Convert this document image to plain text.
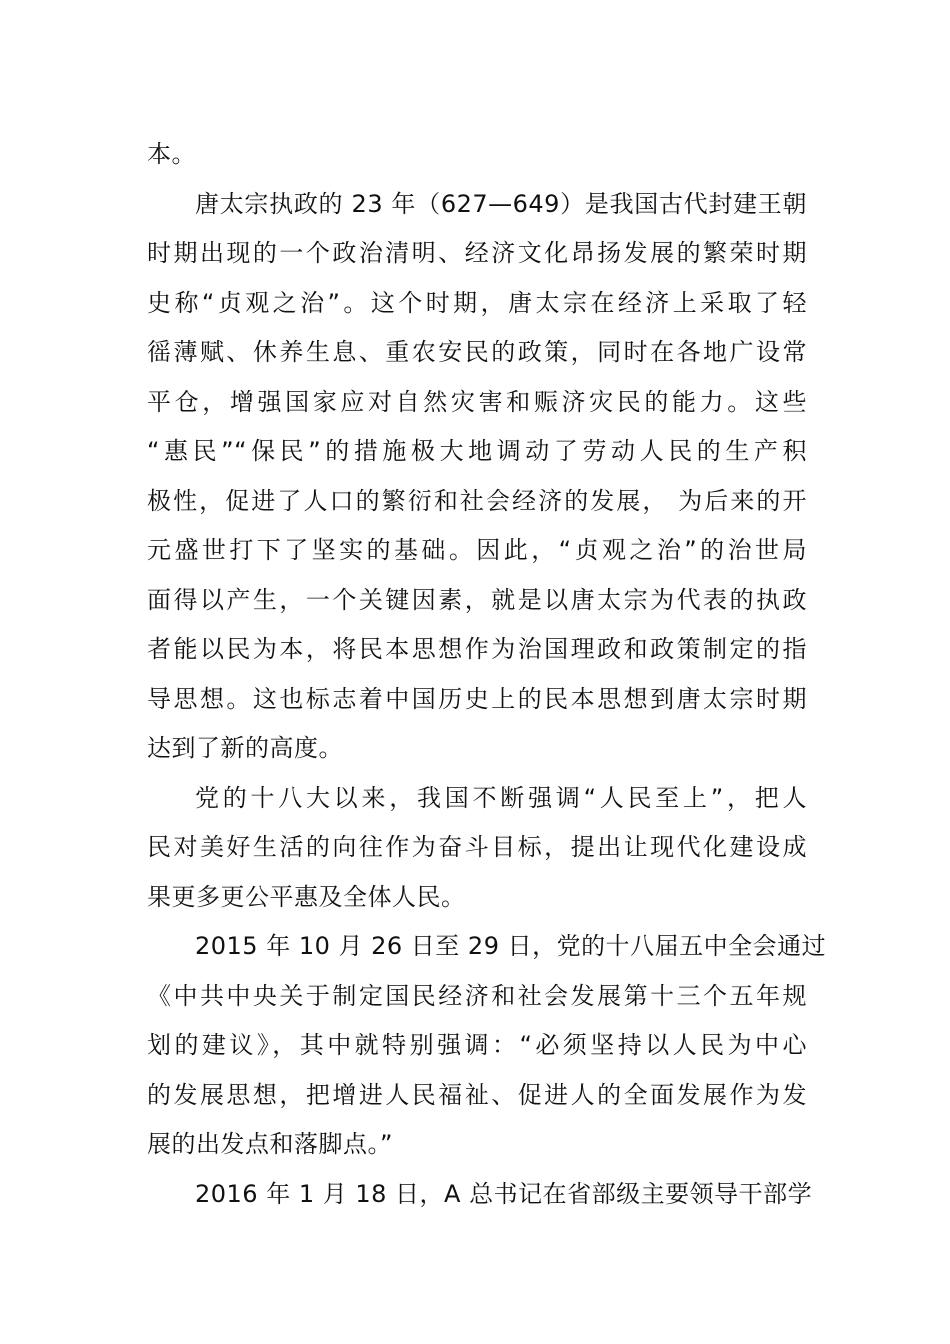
本。
唐太宗执政的 23 年（627—649）是我国古代封建王朝
时期出现的一个政治清明、经济文化昂扬发展的繁荣时期
史称“贞观之治”。这个时期，唐太宗在经济上采取了轻
徭薄赋、休养生息、重农安民的政策，同时在各地广设常
平仓，增强国家应对自然灾害和赈济灾民的能力。这些
“惠民”“保民”的措施极大地调动了劳动人民的生产积
极性，促进了人口的繁衍和社会经济的发展， 为后来的开
元盛世打下了坚实的基础。因此，“贞观之治”的治世局
面得以产生，一个关键因素，就是以唐太宗为代表的执政
者能以民为本，将民本思想作为治国理政和政策制定的指
导思想。这也标志着中国历史上的民本思想到唐太宗时期
达到了新的高度。
党的十八大以来，我国不断强调“人民至上”，把人
民对美好生活的向往作为奋斗目标，提出让现代化建设成
果更多更公平惠及全体人民。
2015 年 10 月 26 日至 29 日，党的十八届五中全会通过
《中共中央关于制定国民经济和社会发展第十三个五年规
划的建议》，其中就特别强调：“必须坚持以人民为中心
的发展思想，把增进人民福祉、促进人的全面发展作为发
展的出发点和落脚点。”
2016 年 1 月 18 日，A 总书记在省部级主要领导干部学
